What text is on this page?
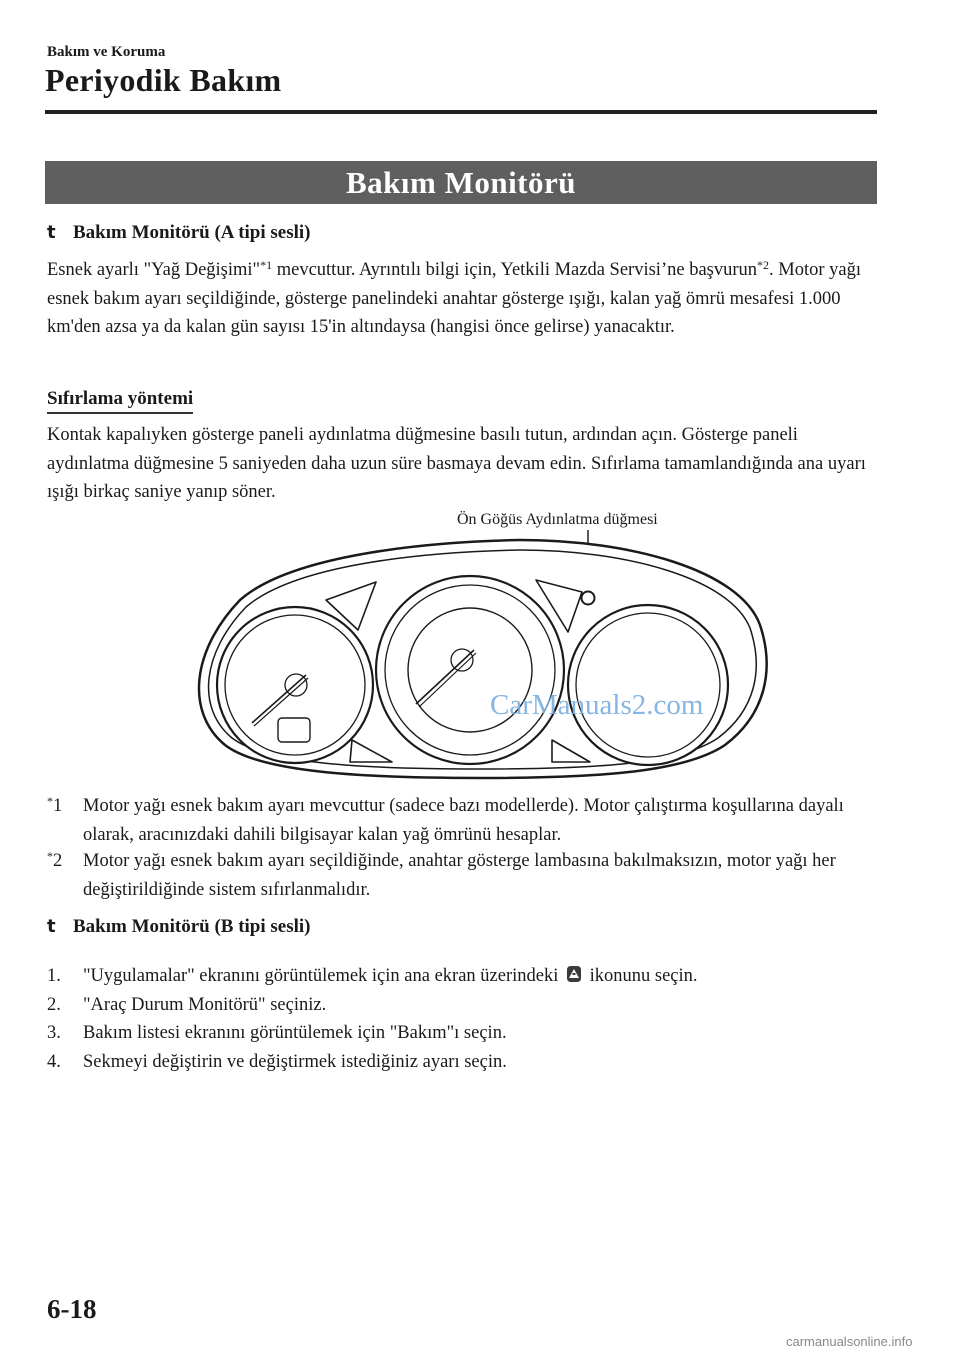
Bakım ve Koruma
Periyodik Bakım
Bakım Monitörü
t Bakım Monitörü (A tipi sesli)
Esnek ayarlı "Yağ Değişimi"$^{*1}$ mevcuttur. Ayrıntılı bilgi için, Yetkili Mazda Servisi’ne başvurun$^{*2}$. Motor yağı esnek bakım ayarı seçildiğinde, gösterge panelindeki anahtar gösterge ışığı, kalan yağ ömrü mesafesi 1.000 km'den azsa ya da kalan gün sayısı 15'in altındaysa (hangisi önce gelirse) yanacaktır.
Sıfırlama yöntemi
Kontak kapalıyken gösterge paneli aydınlatma düğmesine basılı tutun, ardından açın. Gösterge paneli aydınlatma düğmesine 5 saniyeden daha uzun süre basmaya devam edin. Sıfırlama tamamlandığında ana uyarı ışığı birkaç saniye yanıp söner.
Ön Göğüs Aydınlatma düğmesi
CarManuals2.com
*1 Motor yağı esnek bakım ayarı mevcuttur (sadece bazı modellerde). Motor çalıştırma koşullarına dayalı olarak, aracınızdaki dahili bilgisayar kalan yağ ömrünü hesaplar.
*2 Motor yağı esnek bakım ayarı seçildiğinde, anahtar gösterge lambasına bakılmaksızın, motor yağı her değiştirildiğinde sistem sıfırlanmalıdır.
t Bakım Monitörü (B tipi sesli)
1. "Uygulamalar" ekranını görüntülemek için ana ekran üzerindeki ikonunu seçin.
2. "Araç Durum Monitörü" seçiniz.
3. Bakım listesi ekranını görüntülemek için "Bakım"ı seçin.
4. Sekmeyi değiştirin ve değiştirmek istediğiniz ayarı seçin.
6-18
carmanualsonline.info
